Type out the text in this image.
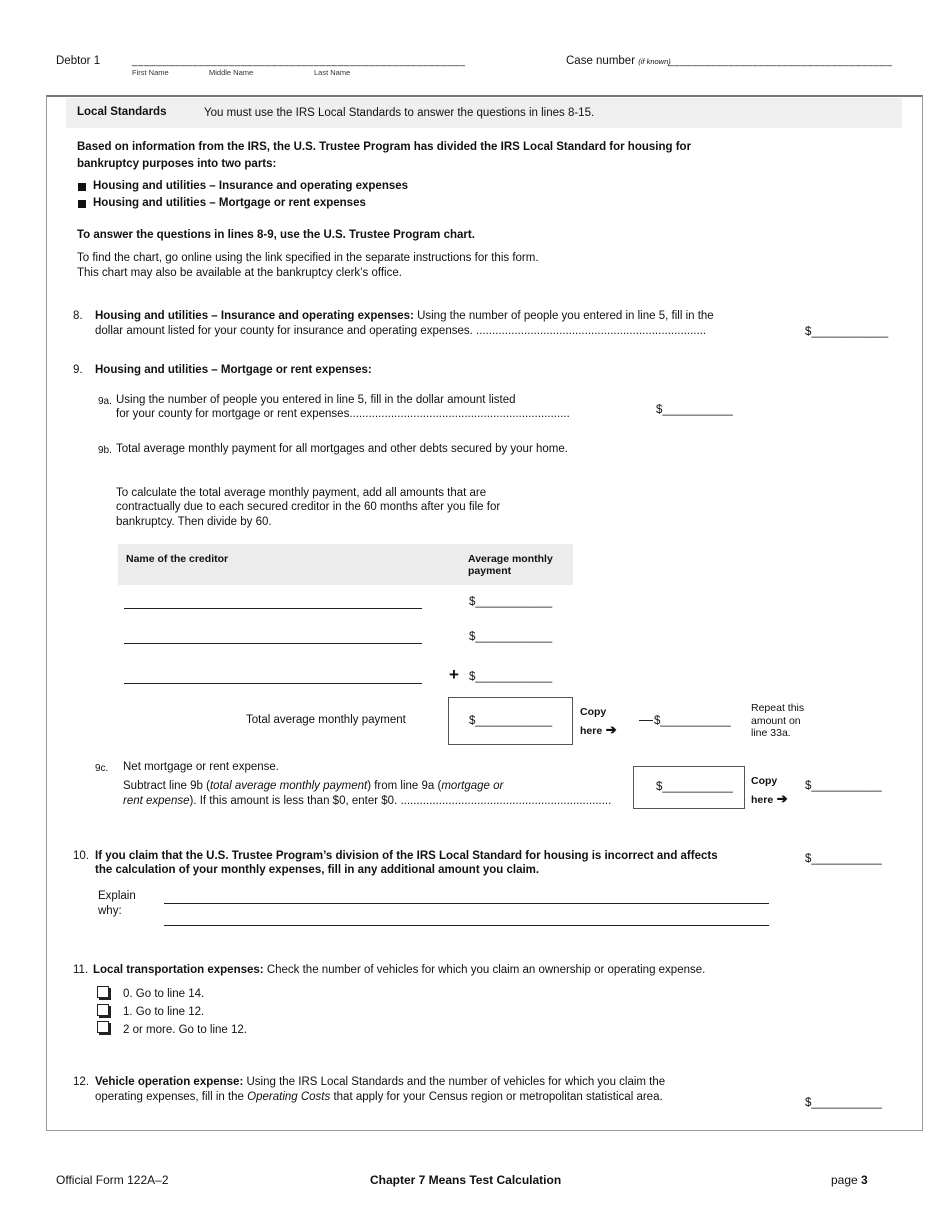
Debtor 1	_______________________________________________________
First Name	Middle Name	Last Name
Case number (if known)
_____________________________________
Local Standards	You must use the IRS Local Standards to answer the questions in lines 8-15.
Based on information from the IRS, the U.S. Trustee Program has divided the IRS Local Standard for housing for
bankruptcy purposes into two parts:
Housing and utilities – Insurance and operating expenses
Housing and utilities – Mortgage or rent expenses
To answer the questions in lines 8-9, use the U.S. Trustee Program chart.
To find the chart, go online using the link specified in the separate instructions for this form.
This chart may also be available at the bankruptcy clerk’s office.
8. Housing and utilities – Insurance and operating expenses: Using the number of people you entered in line 5, fill in the
dollar amount listed for your county for insurance and operating expenses. ........................................................................	$____________
9. Housing and utilities – Mortgage or rent expenses:
9a. Using the number of people you entered in line 5, fill in the dollar amount listed
for your county for mortgage or rent expenses.....................................................................	$___________
9b. Total average monthly payment for all mortgages and other debts secured by your home.
To calculate the total average monthly payment, add all amounts that are
contractually due to each secured creditor in the 60 months after you file for
bankruptcy. Then divide by 60.
Name of the creditor	Average monthly
payment
$____________
$____________
+ $____________
Total average monthly payment	$____________
Copy
here ➔
— $___________
Repeat this
amount on
line 33a.
9c. Net mortgage or rent expense.
Subtract line 9b (total average monthly payment) from line 9a (mortgage or
rent expense). If this amount is less than $0, enter $0. ..................................................................
$___________ Copy
here ➔
$___________
10. If you claim that the U.S. Trustee Program’s division of the IRS Local Standard for housing is incorrect and affects
the calculation of your monthly expenses, fill in any additional amount you claim.
$___________
Explain
why:
11. Local transportation expenses: Check the number of vehicles for which you claim an ownership or operating expense.
0. Go to line 14.
1. Go to line 12.
2 or more. Go to line 12.
12. Vehicle operation expense: Using the IRS Local Standards and the number of vehicles for which you claim the
operating expenses, fill in the Operating Costs that apply for your Census region or metropolitan statistical area.	$___________
Official Form 122A–2	Chapter 7 Means Test Calculation	page 3
